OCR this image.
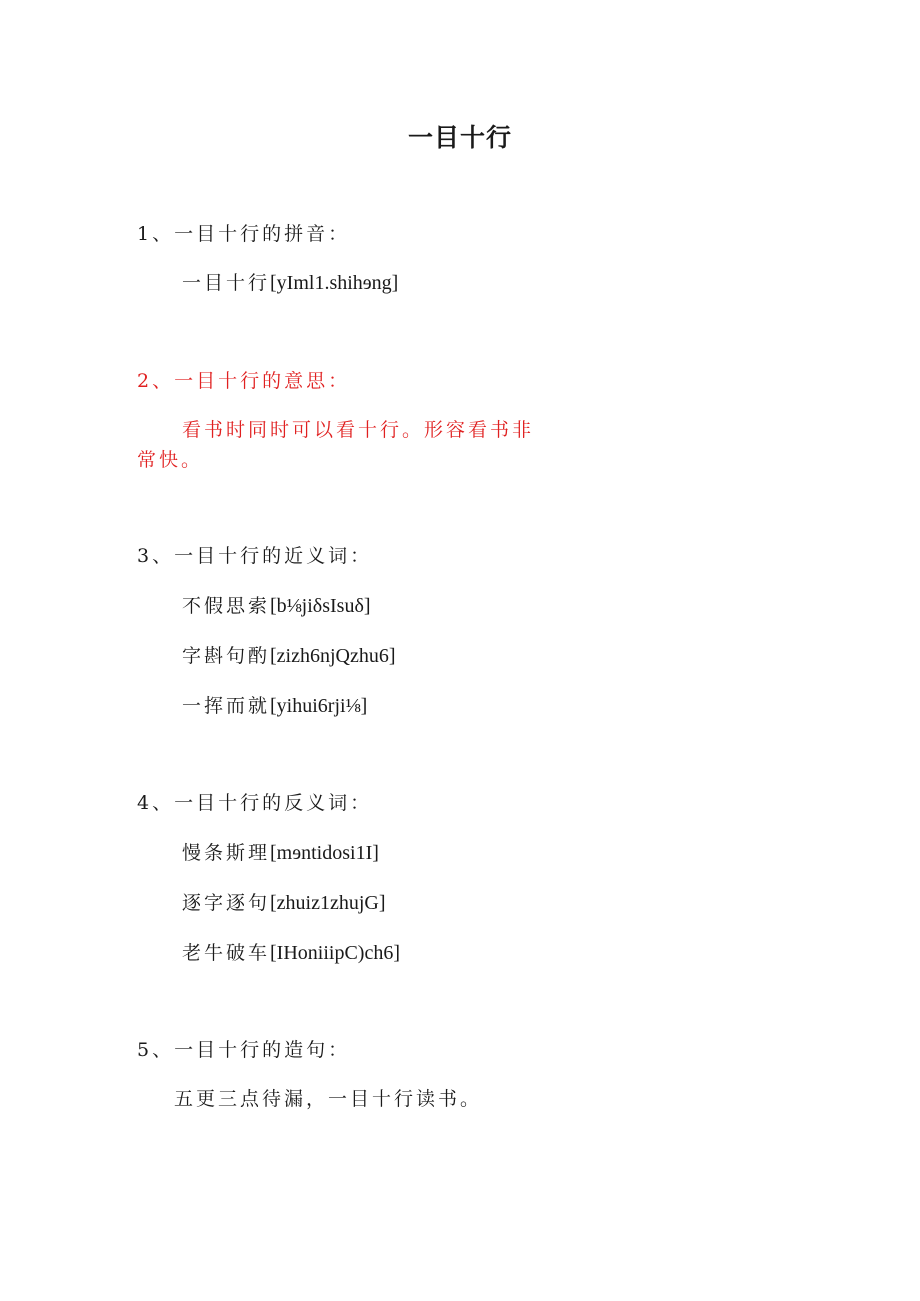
一目十行
1、一目十行的拼音：
一目十行[yIml1.shihɘng]
2、一目十行的意思：
看书时同时可以看十行。形容看书非常快。
3、一目十行的近义词：
不假思索[b⅛jiδsIsuδ]
字斟句酌[zizh6njQzhu6]
一挥而就[yihui6rji⅛]
4、一目十行的反义词：
慢条斯理[mɘntidosi1I]
逐字逐句[zhuiz1zhujG]
老牛破车[IHoniiipC)ch6]
5、一目十行的造句：
五更三点待漏，一目十行读书。
